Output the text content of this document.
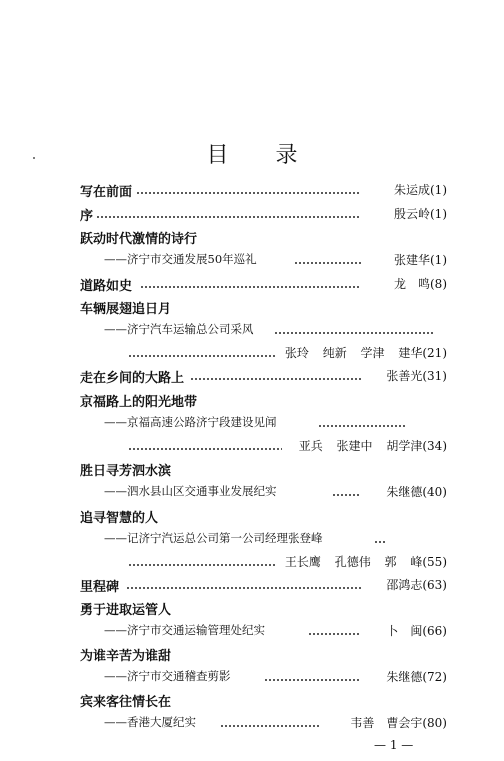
目 录
写在前面	朱运成(1)
序	殷云岭(1)
跃动时代激情的诗行
——济宁市交通发展50年巡礼	张建华(1)
道路如史	龙　鸣(8)
车辆展翅追日月
——济宁汽车运输总公司采风
张玲 纯新 学津 建华(21)
走在乡间的大路上	张善光(31)
京福路上的阳光地带
——京福高速公路济宁段建设见闻
亚兵 张建中 胡学津(34)
胜日寻芳泗水滨
——泗水县山区交通事业发展纪实	朱继德(40)
追寻智慧的人
——记济宁汽运总公司第一公司经理张登峰
王长鹰 孔德伟 郭 峰(55)
里程碑	邵鸿志(63)
勇于进取运管人
——济宁市交通运输管理处纪实	卜　闽(66)
为谁辛苦为谁甜
——济宁市交通稽查剪影	朱继德(72)
宾来客往情长在
——香港大厦纪实	韦善　曹会宇(80)
— 1 —
